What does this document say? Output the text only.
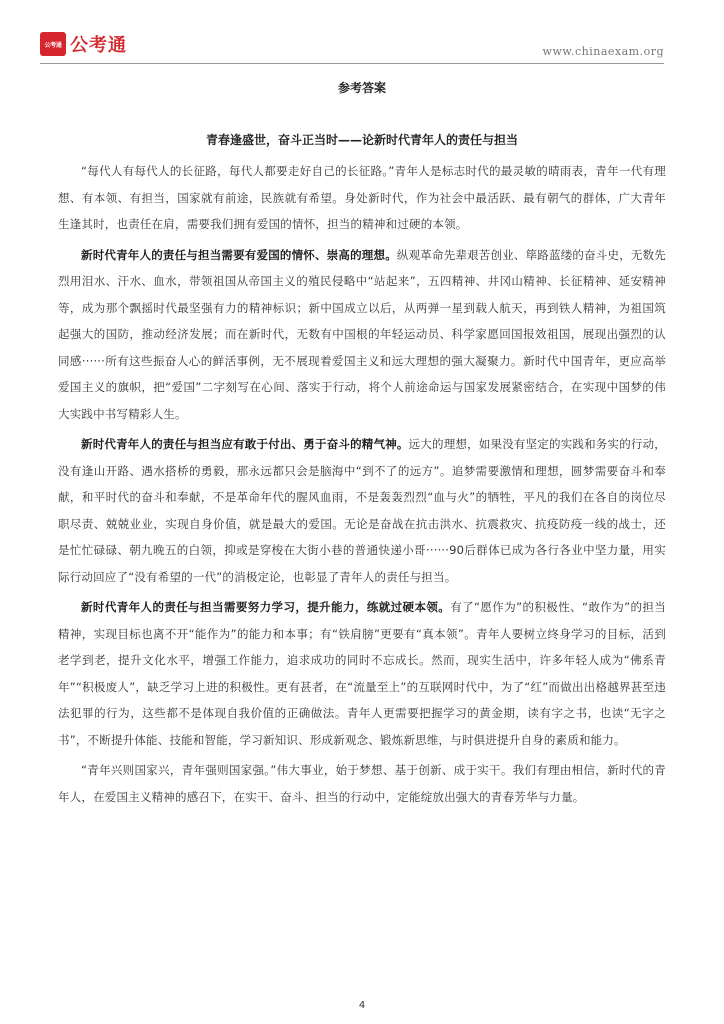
公考通 公考通	www.chinaexam.org
参考答案
青春逢盛世，奋斗正当时——论新时代青年人的责任与担当

“每代人有每代人的长征路，每代人都要走好自己的长征路。”青年人是标志时代的最灵敏的晴雨表，青年一代有理想、有本领、有担当，国家就有前途，民族就有希望。身处新时代，作为社会中最活跃、最有朝气的群体，广大青年生逢其时，也责任在肩，需要我们拥有爱国的情怀，担当的精神和过硬的本领。

新时代青年人的责任与担当需要有爱国的情怀、崇高的理想。纵观革命先辈艰苦创业、筚路蓝缕的奋斗史，无数先烈用泪水、汗水、血水，带领祖国从帝国主义的殖民侵略中“站起来”，五四精神、井冈山精神、长征精神、延安精神等，成为那个飘摇时代最坚强有力的精神标识；新中国成立以后，从两弹一星到载人航天，再到铁人精神，为祖国筑起强大的国防，推动经济发展；而在新时代，无数有中国根的年轻运动员、科学家愿回国报效祖国，展现出强烈的认同感······所有这些振奋人心的鲜活事例，无不展现着爱国主义和远大理想的强大凝聚力。新时代中国青年，更应高举爱国主义的旗帜，把“爱国”二字刻写在心间、落实于行动，将个人前途命运与国家发展紧密结合，在实现中国梦的伟大实践中书写精彩人生。

新时代青年人的责任与担当应有敢于付出、勇于奋斗的精气神。远大的理想，如果没有坚定的实践和务实的行动，没有逢山开路、遇水搭桥的勇毅，那永远都只会是脑海中“到不了的远方”。追梦需要激情和理想，圆梦需要奋斗和奉献，和平时代的奋斗和奉献，不是革命年代的腥风血雨，不是轰轰烈烈“血与火”的牺牲，平凡的我们在各自的岗位尽职尽责、兢兢业业，实现自身价值，就是最大的爱国。无论是奋战在抗击洪水、抗震救灾、抗疫防疫一线的战士，还是忙忙碌碌、朝九晚五的白领，抑或是穿梭在大街小巷的普通快递小哥······90后群体已成为各行各业中坚力量，用实际行动回应了“没有希望的一代”的消极定论，也彰显了青年人的责任与担当。

新时代青年人的责任与担当需要努力学习，提升能力，练就过硬本领。有了“愿作为”的积极性、“敢作为”的担当精神，实现目标也离不开“能作为”的能力和本事；有“铁肩膀”更要有“真本领”。青年人要树立终身学习的目标，活到老学到老，提升文化水平，增强工作能力，追求成功的同时不忘成长。然而，现实生活中，许多年轻人成为“佛系青年”“积极废人”，缺乏学习上进的积极性。更有甚者，在“流量至上”的互联网时代中，为了“红”而做出出格越界甚至违法犯罪的行为，这些都不是体现自我价值的正确做法。青年人更需要把握学习的黄金期，读有字之书，也读“无字之书”，不断提升体能、技能和智能，学习新知识、形成新观念、锻炼新思维，与时俱进提升自身的素质和能力。

“青年兴则国家兴，青年强则国家强。”伟大事业，始于梦想、基于创新、成于实干。我们有理由相信，新时代的青年人，在爱国主义精神的感召下，在实干、奋斗、担当的行动中，定能绽放出强大的青春芳华与力量。

4
